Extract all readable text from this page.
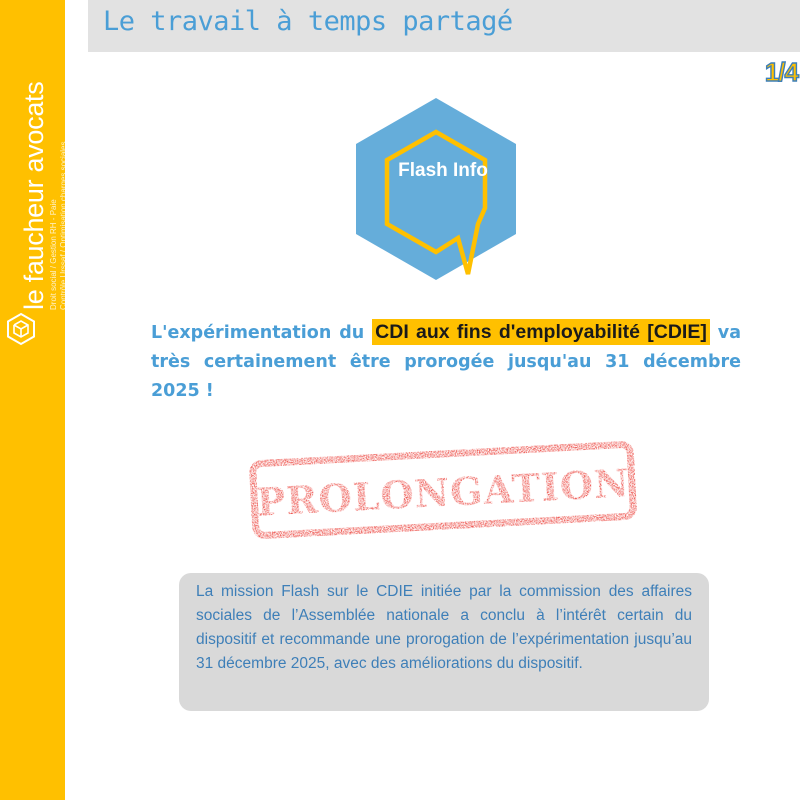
le faucheur avocats Droit social / Gestion RH - Paie Contrôle Urssaf / Optimisation charges sociales
Le travail à temps partagé
1/4
Flash Info
L'expérimentation du CDI aux fins d'employabilité [CDIE] va très certainement être prorogée jusqu'au 31 décembre 2025 !
PROLONGATION
La mission Flash sur le CDIE initiée par la commission des affaires sociales de l’Assemblée nationale a conclu à l’intérêt certain du dispositif et recommande une prorogation de l’expérimentation jusqu’au 31 décembre 2025, avec des améliorations du dispositif.
